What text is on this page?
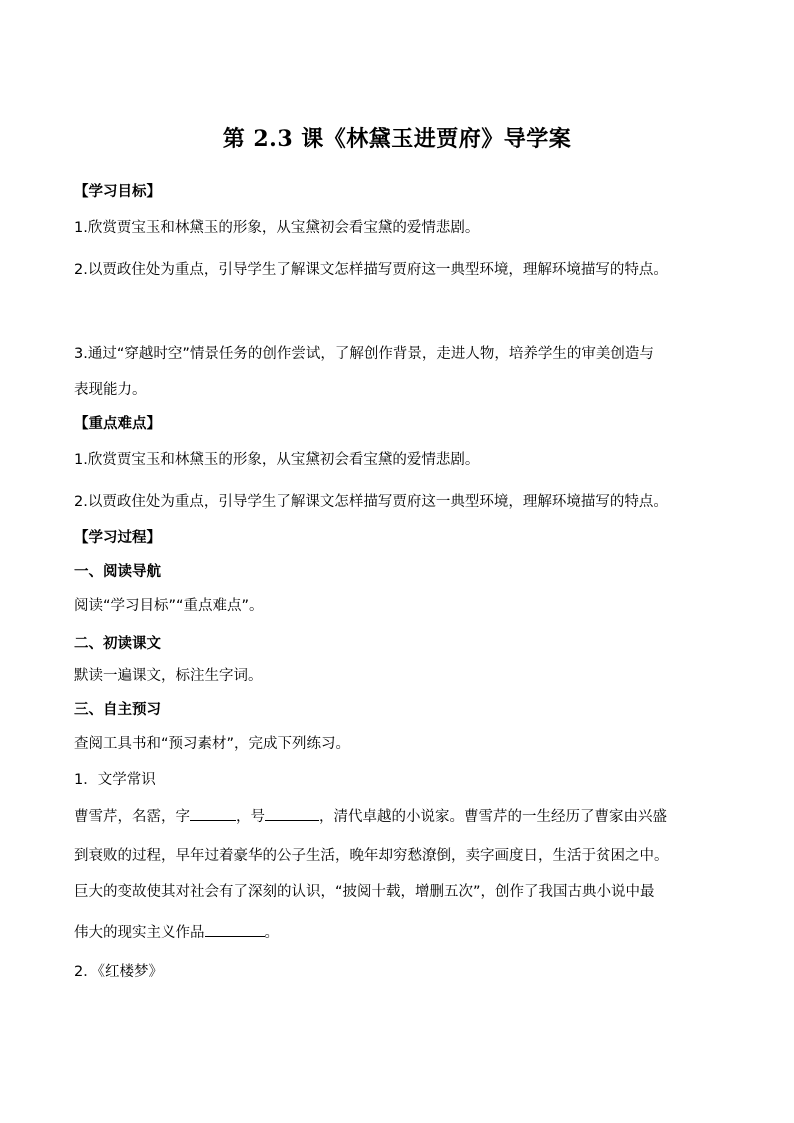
第 2.3 课《林黛玉进贾府》导学案
【学习目标】
1.欣赏贾宝玉和林黛玉的形象，从宝黛初会看宝黛的爱情悲剧。
2.以贾政住处为重点，引导学生了解课文怎样描写贾府这一典型环境，理解环境描写的特点。
3.通过“穿越时空”情景任务的创作尝试，了解创作背景，走进人物，培养学生的审美创造与
表现能力。
【重点难点】
1.欣赏贾宝玉和林黛玉的形象，从宝黛初会看宝黛的爱情悲剧。
2.以贾政住处为重点，引导学生了解课文怎样描写贾府这一典型环境，理解环境描写的特点。
【学习过程】
一、阅读导航
阅读“学习目标”“重点难点”。
二、初读课文
默读一遍课文，标注生字词。
三、自主预习
查阅工具书和“预习素材”，完成下列练习。
1．文学常识
曹雪芹，名霑，字	，号	，清代卓越的小说家。曹雪芹的一生经历了曹家由兴盛
到衰败的过程，早年过着豪华的公子生活，晚年却穷愁潦倒，卖字画度日，生活于贫困之中。
巨大的变故使其对社会有了深刻的认识，“披阅十载，增删五次”，创作了我国古典小说中最
伟大的现实主义作品	。
2．《红楼梦》
